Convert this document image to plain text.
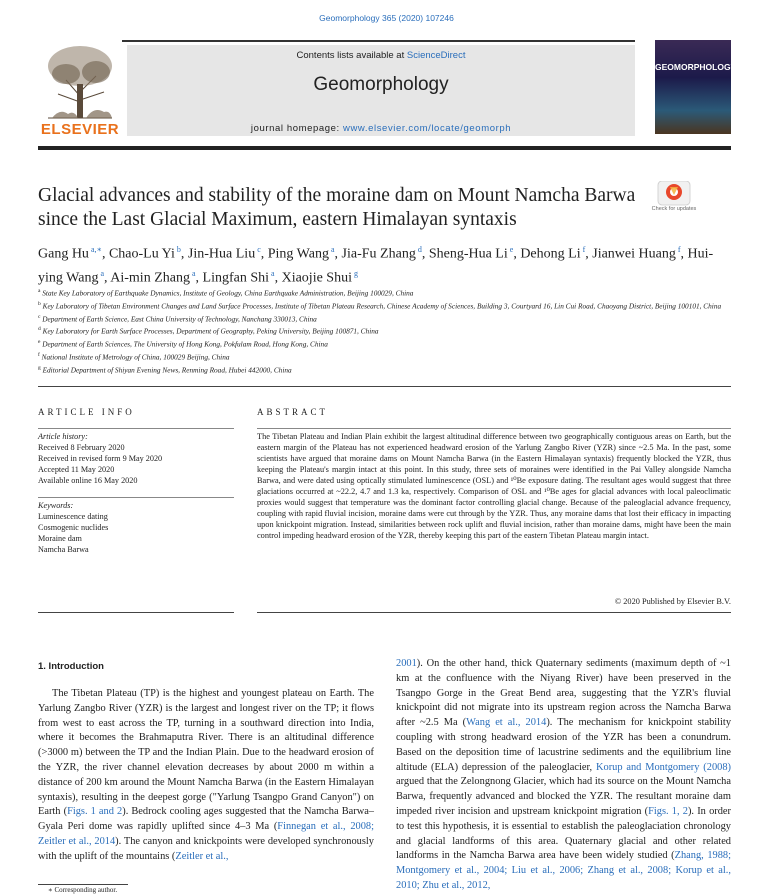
Geomorphology 365 (2020) 107246
ELSEVIER
Contents lists available at ScienceDirect
Geomorphology
journal homepage: www.elsevier.com/locate/geomorph
GEOMORPHOLOGY
Glacial advances and stability of the moraine dam on Mount Namcha Barwa since the Last Glacial Maximum, eastern Himalayan syntaxis	Check for updates
Gang Hu $^{a,∗}$, Chao-Lu Yi $^b$, Jin-Hua Liu $^c$, Ping Wang $^a$, Jia-Fu Zhang $^d$, Sheng-Hua Li $^e$, Dehong Li $^f$, Jianwei Huang $^f$, Hui-ying Wang $^a$, Ai-min Zhang $^a$, Lingfan Shi $^a$, Xiaojie Shui $^g$
$^a$ State Key Laboratory of Earthquake Dynamics, Institute of Geology, China Earthquake Administration, Beijing 100029, China
$^b$ Key Laboratory of Tibetan Environment Changes and Land Surface Processes, Institute of Tibetan Plateau Research, Chinese Academy of Sciences, Building 3, Courtyard 16, Lin Cui Road, Chaoyang District, Beijing 100101, China
$^c$ Department of Earth Science, East China University of Technology, Nanchang 330013, China
$^d$ Key Laboratory for Earth Surface Processes, Department of Geography, Peking University, Beijing 100871, China
$^e$ Department of Earth Sciences, The University of Hong Kong, Pokfulam Road, Hong Kong, China
$^f$ National Institute of Metrology of China, 100029 Beijing, China
$^g$ Editorial Department of Shiyan Evening News, Renming Road, Hubei 442000, China
ARTICLE INFO	ABSTRACT
Article history:
Received 8 February 2020
Received in revised form 9 May 2020
Accepted 11 May 2020
Available online 16 May 2020
Keywords:
Luminescence dating
Cosmogenic nuclides
Moraine dam
Namcha Barwa
The Tibetan Plateau and Indian Plain exhibit the largest altitudinal difference between two geographically contiguous areas on Earth, but the eastern margin of the Plateau has not experienced headward erosion of the Yarlung Zangbo River (YZR) since ~2.5 Ma. In the past, some scientists have argued that moraine dams on Mount Namcha Barwa (in the Eastern Himalayan syntaxis) frequently blocked the YZR, thus keeping the Plateau's margin intact at this point. In this study, three sets of moraines were identified in the Pai Valley alongside Namcha Barwa, and were dated using optically stimulated luminescence (OSL) and ¹⁰Be exposure dating. The resultant ages would suggest that three glaciations occurred at ~22.2, 4.7 and 1.3 ka, respectively. Comparison of OSL and ¹⁰Be ages for glacial advances with local paleoclimatic proxies would suggest that temperature was the dominant factor controlling glacial change. Because of the paleoglacial advance frequency, coupling with rapid fluvial incision, moraine dams were cut through by the YZR. Thus, any moraine dams that lost their efficacy in impacting upon knickpoint migration. Instead, similarities between rock uplift and fluvial incision, rather than moraine dams, might have been the main control impeding headward erosion of the YZR, thereby keeping this part of the eastern Tibetan Plateau margin intact.
© 2020 Published by Elsevier B.V.
1. Introduction
The Tibetan Plateau (TP) is the highest and youngest plateau on Earth. The Yarlung Zangbo River (YZR) is the largest and longest river on the TP; it flows from west to east across the TP, turning in a southward direction into India, where it becomes the Brahmaputra River. There is an altitudinal difference (>3000 m) between the TP and the Indian Plain. Due to the headward erosion of the YZR, the river channel elevation decreases by about 2000 m within a distance of 200 km around the Mount Namcha Barwa (in the Eastern Himalayan syntaxis), resulting in the deepest gorge ("Yarlung Tsangpo Grand Canyon") on Earth (Figs. 1 and 2). Bedrock cooling ages suggested that the Namcha Barwa–Gyala Peri dome was rapidly uplifted since 4–3 Ma (Finnegan et al., 2008; Zeitler et al., 2014). The canyon and knickpoints were developed synchronously with the uplift of the mountains (Zeitler et al.,
2001). On the other hand, thick Quaternary sediments (maximum depth of ~1 km at the confluence with the Niyang River) have been preserved in the Tsangpo Gorge in the Great Bend area, suggesting that the YZR's fluvial knickpoint did not migrate into its upstream region across the Namcha Barwa after ~2.5 Ma (Wang et al., 2014). The mechanism for knickpoint stability coupling with strong headward erosion of the YZR has been a conundrum. Based on the deposition time of lacustrine sediments and the equilibrium line altitude (ELA) depression of the paleoglacier, Korup and Montgomery (2008) argued that the Zelongnong Glacier, which had its source on the Mount Namcha Barwa, frequently advanced and blocked the YZR. The resultant moraine dam impeded river incision and upstream knickpoint migration (Figs. 1, 2). In order to test this hypothesis, it is essential to establish the paleoglaciation chronology and glacial landforms of this area. Quaternary glacial and other related landforms in the Namcha Barwa area have been widely studied (Zhang, 1988; Montgomery et al., 2004; Liu et al., 2006; Zhang et al., 2008; Korup et al., 2010; Zhu et al., 2012,
∗ Corresponding author.
